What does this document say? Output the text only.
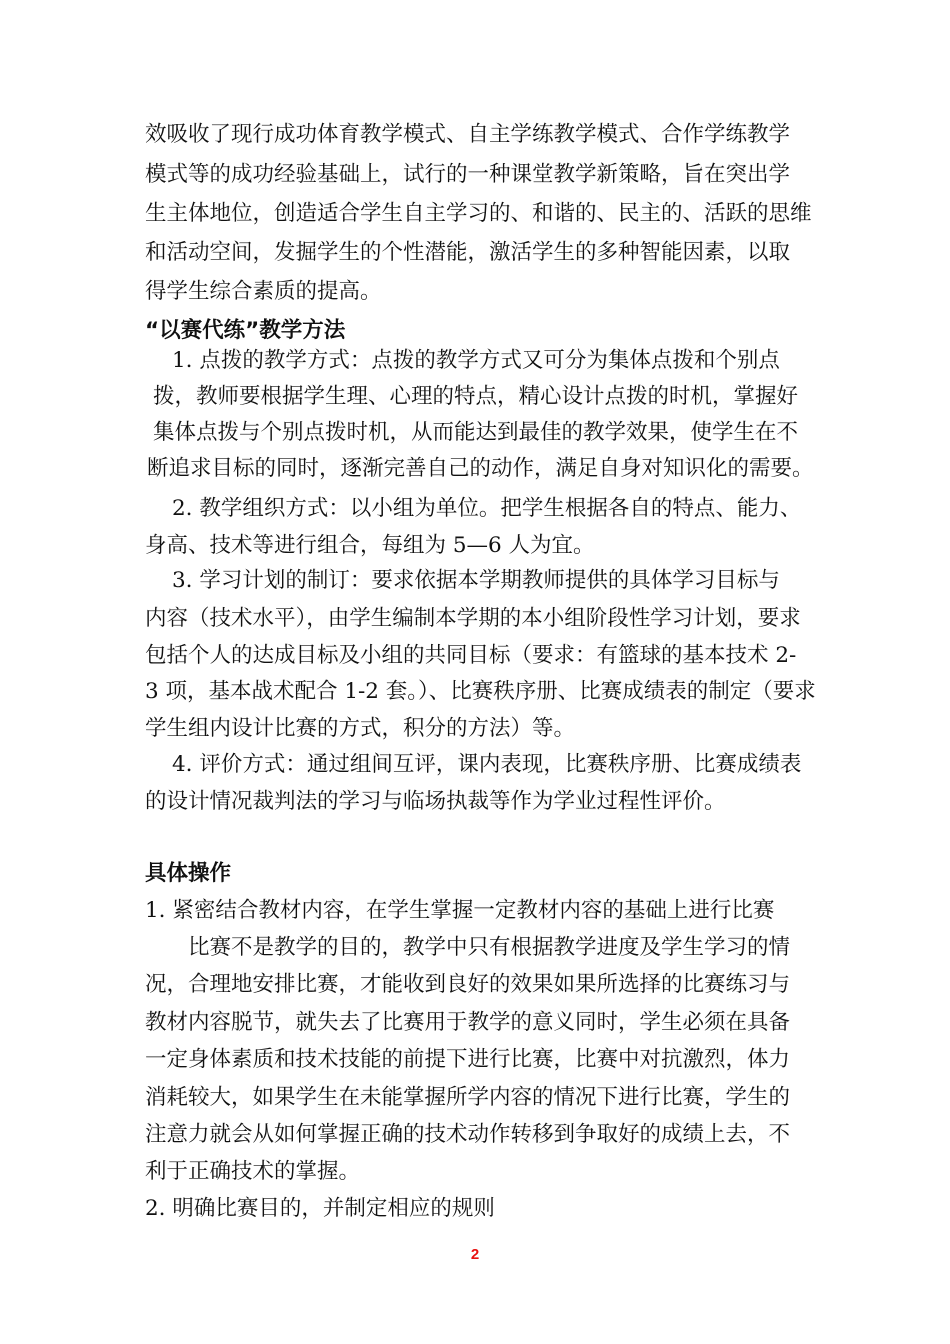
效吸收了现行成功体育教学模式、自主学练教学模式、合作学练教学
模式等的成功经验基础上，试行的一种课堂教学新策略，旨在突出学
生主体地位，创造适合学生自主学习的、和谐的、民主的、活跃的思维
和活动空间，发掘学生的个性潜能，激活学生的多种智能因素，以取
得学生综合素质的提高。
“以赛代练”教学方法
1. 点拨的教学方式：点拨的教学方式又可分为集体点拨和个别点
拨，教师要根据学生理、心理的特点，精心设计点拨的时机，掌握好
集体点拨与个别点拨时机，从而能达到最佳的教学效果，使学生在不
断追求目标的同时，逐渐完善自己的动作，满足自身对知识化的需要。
2. 教学组织方式：以小组为单位。把学生根据各自的特点、能力、
身高、技术等进行组合，每组为 5—6 人为宜。
3. 学习计划的制订：要求依据本学期教师提供的具体学习目标与
内容（技术水平），由学生编制本学期的本小组阶段性学习计划，要求
包括个人的达成目标及小组的共同目标（要求：有篮球的基本技术 2-
3 项，基本战术配合 1-2 套。）、比赛秩序册、比赛成绩表的制定（要求
学生组内设计比赛的方式，积分的方法）等。
4. 评价方式：通过组间互评，课内表现，比赛秩序册、比赛成绩表
的设计情况裁判法的学习与临场执裁等作为学业过程性评价。
具体操作
1. 紧密结合教材内容，在学生掌握一定教材内容的基础上进行比赛
比赛不是教学的目的，教学中只有根据教学进度及学生学习的情
况，合理地安排比赛，才能收到良好的效果如果所选择的比赛练习与
教材内容脱节，就失去了比赛用于教学的意义同时，学生必须在具备
一定身体素质和技术技能的前提下进行比赛，比赛中对抗激烈，体力
消耗较大，如果学生在未能掌握所学内容的情况下进行比赛，学生的
注意力就会从如何掌握正确的技术动作转移到争取好的成绩上去，不
利于正确技术的掌握。
2. 明确比赛目的，并制定相应的规则
2
